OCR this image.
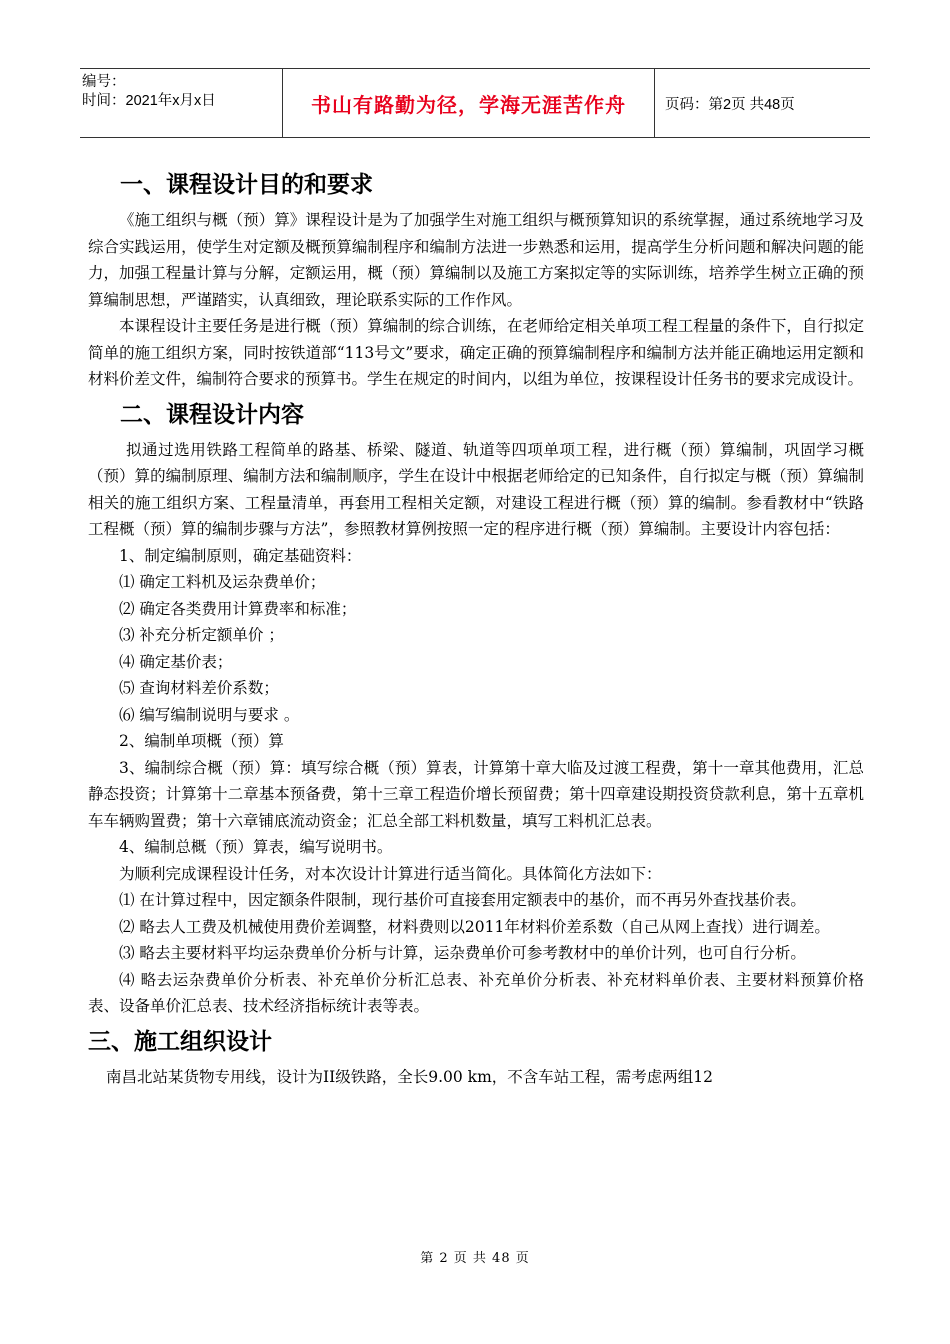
编号：
时间：2021年x月x日	书山有路勤为径，学海无涯苦作舟	页码：第2页 共48页
一、课程设计目的和要求

《施工组织与概（预）算》课程设计是为了加强学生对施工组织与概预算知识的系统掌握，通过系统地学习及综合实践运用，使学生对定额及概预算编制程序和编制方法进一步熟悉和运用，提高学生分析问题和解决问题的能力，加强工程量计算与分解，定额运用，概（预）算编制以及施工方案拟定等的实际训练，培养学生树立正确的预算编制思想，严谨踏实，认真细致，理论联系实际的工作作风。

本课程设计主要任务是进行概（预）算编制的综合训练，在老师给定相关单项工程工程量的条件下，自行拟定简单的施工组织方案，同时按铁道部“113号文”要求，确定正确的预算编制程序和编制方法并能正确地运用定额和材料价差文件，编制符合要求的预算书。学生在规定的时间内，以组为单位，按课程设计任务书的要求完成设计。

二、课程设计内容

拟通过选用铁路工程简单的路基、桥梁、隧道、轨道等四项单项工程，进行概（预）算编制，巩固学习概（预）算的编制原理、编制方法和编制顺序，学生在设计中根据老师给定的已知条件，自行拟定与概（预）算编制相关的施工组织方案、工程量清单，再套用工程相关定额，对建设工程进行概（预）算的编制。参看教材中“铁路工程概（预）算的编制步骤与方法”，参照教材算例按照一定的程序进行概（预）算编制。主要设计内容包括：

1、制定编制原则，确定基础资料：

⑴ 确定工料机及运杂费单价；

⑵ 确定各类费用计算费率和标准；

⑶ 补充分析定额单价 ；

⑷ 确定基价表；

⑸ 查询材料差价系数；

⑹ 编写编制说明与要求 。

2、编制单项概（预）算

3、编制综合概（预）算：填写综合概（预）算表，计算第十章大临及过渡工程费，第十一章其他费用，汇总静态投资；计算第十二章基本预备费，第十三章工程造价增长预留费；第十四章建设期投资贷款利息，第十五章机车车辆购置费；第十六章铺底流动资金；汇总全部工料机数量，填写工料机汇总表。

4、编制总概（预）算表，编写说明书。

为顺利完成课程设计任务，对本次设计计算进行适当简化。具体简化方法如下：

⑴ 在计算过程中，因定额条件限制，现行基价可直接套用定额表中的基价，而不再另外查找基价表。

⑵ 略去人工费及机械使用费价差调整，材料费则以2011年材料价差系数（自己从网上查找）进行调差。

⑶ 略去主要材料平均运杂费单价分析与计算，运杂费单价可参考教材中的单价计列，也可自行分析。

⑷ 略去运杂费单价分析表、补充单价分析汇总表、补充单价分析表、补充材料单价表、主要材料预算价格表、设备单价汇总表、技术经济指标统计表等表。

三、施工组织设计

南昌北站某货物专用线，设计为II级铁路，全长9.00 km，不含车站工程，需考虑两组12

第 2 页 共 48 页
